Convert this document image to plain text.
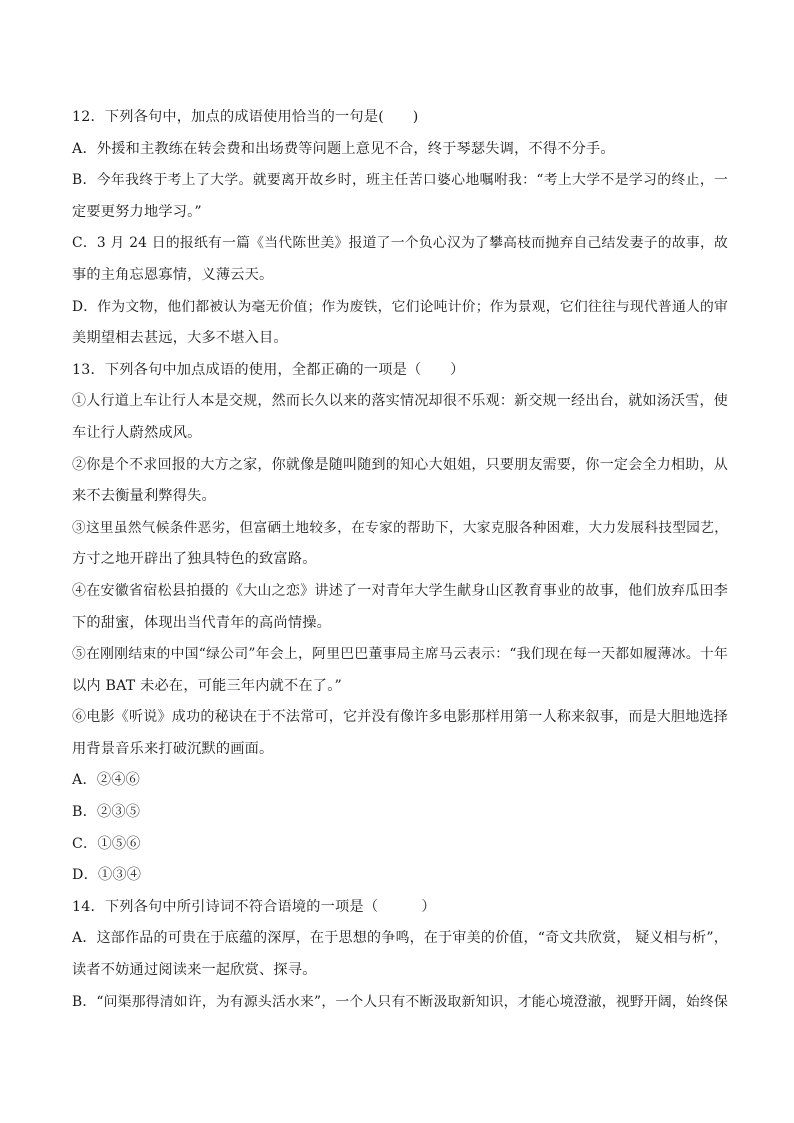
12．下列各句中，加点的成语使用恰当的一句是(　　)
A．外援和主教练在转会费和出场费等问题上意见不合，终于琴瑟失调，不得不分手。
B．今年我终于考上了大学。就要离开故乡时，班主任苦口婆心地嘱咐我：“考上大学不是学习的终止，一
定要更努力地学习。”
C．3 月 24 日的报纸有一篇《当代陈世美》报道了一个负心汉为了攀高枝而抛弃自己结发妻子的故事，故
事的主角忘恩寡情，义薄云天。
D．作为文物，他们都被认为毫无价值；作为废铁，它们论吨计价；作为景观，它们往往与现代普通人的审
美期望相去甚远，大多不堪入目。
13．下列各句中加点成语的使用，全都正确的一项是（　　）
①人行道上车让行人本是交规，然而长久以来的落实情况却很不乐观：新交规一经出台，就如汤沃雪，使
车让行人蔚然成风。
②你是个不求回报的大方之家，你就像是随叫随到的知心大姐姐，只要朋友需要，你一定会全力相助，从
来不去衡量利弊得失。
③这里虽然气候条件恶劣，但富硒土地较多，在专家的帮助下，大家克服各种困难，大力发展科技型园艺，
方寸之地开辟出了独具特色的致富路。
④在安徽省宿松县拍摄的《大山之恋》讲述了一对青年大学生献身山区教育事业的故事，他们放弃瓜田李
下的甜蜜，体现出当代青年的高尚情操。
⑤在刚刚结束的中国“绿公司”年会上，阿里巴巴董事局主席马云表示：“我们现在每一天都如履薄冰。十年
以内 BAT 未必在，可能三年内就不在了。”
⑥电影《听说》成功的秘诀在于不法常可，它并没有像许多电影那样用第一人称来叙事，而是大胆地选择
用背景音乐来打破沉默的画面。
A．②④⑥
B．②③⑤
C．①⑤⑥
D．①③④
14．下列各句中所引诗词不符合语境的一项是（　　　）
A．这部作品的可贵在于底蕴的深厚，在于思想的争鸣，在于审美的价值，“奇文共欣赏， 疑义相与析”，
读者不妨通过阅读来一起欣赏、探寻。
B．“问渠那得清如许，为有源头活水来”，一个人只有不断汲取新知识，才能心境澄澈，视野开阔，始终保
